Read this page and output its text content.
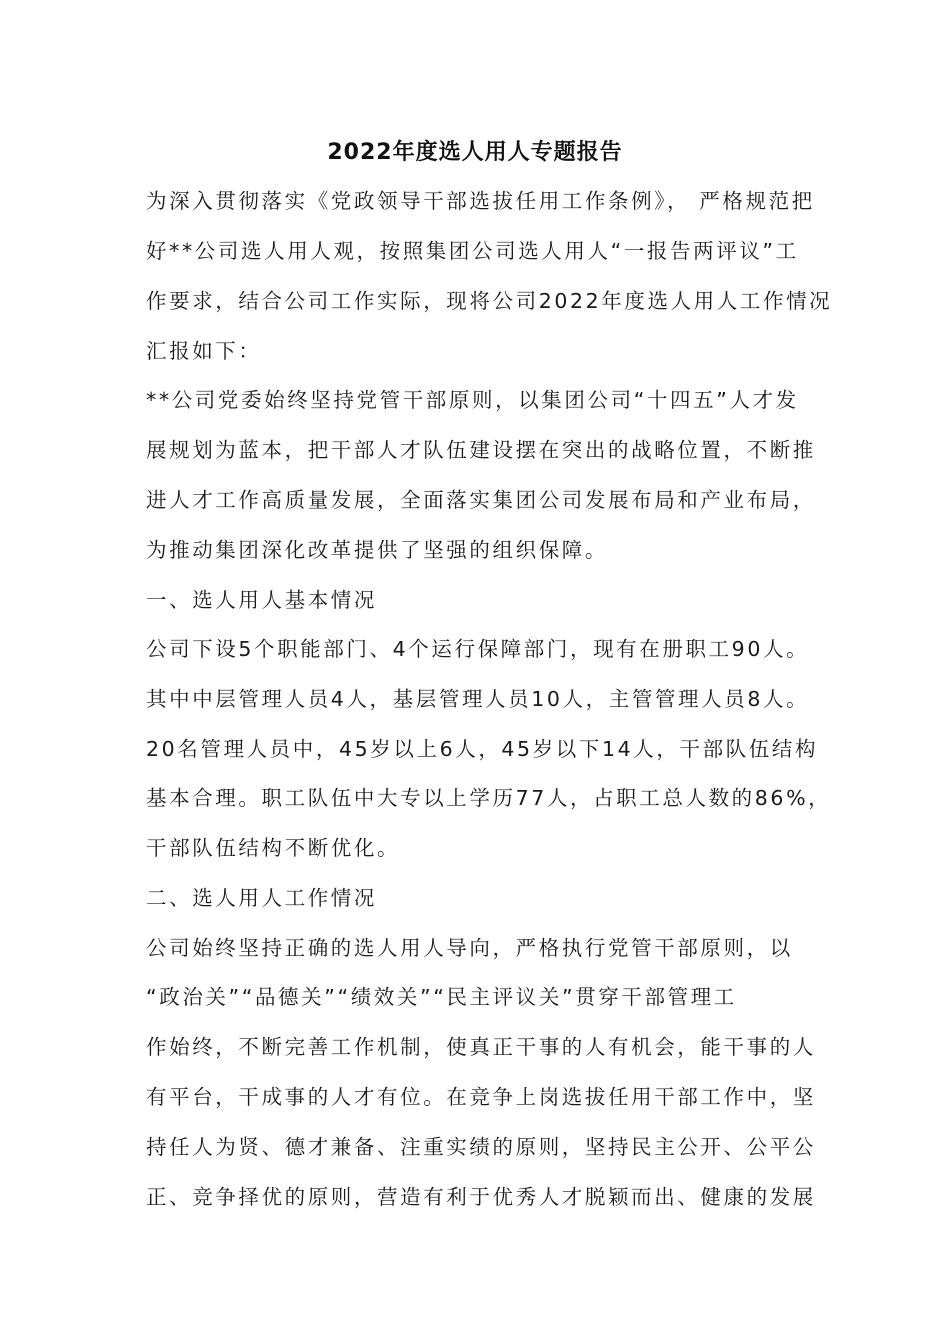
2022年度选人用人专题报告
为深入贯彻落实《党政领导干部选拔任用工作条例》， 严格规范把
好**公司选人用人观，按照集团公司选人用人“一报告两评议”工
作要求，结合公司工作实际，现将公司2022年度选人用人工作情况
汇报如下：
**公司党委始终坚持党管干部原则，以集团公司“十四五”人才发
展规划为蓝本，把干部人才队伍建设摆在突出的战略位置，不断推
进人才工作高质量发展，全面落实集团公司发展布局和产业布局，
为推动集团深化改革提供了坚强的组织保障。
一、选人用人基本情况
公司下设5个职能部门、4个运行保障部门，现有在册职工90人。
其中中层管理人员4人，基层管理人员10人，主管管理人员8人。
20名管理人员中，45岁以上6人，45岁以下14人，干部队伍结构
基本合理。职工队伍中大专以上学历77人，占职工总人数的86%，
干部队伍结构不断优化。
二、选人用人工作情况
公司始终坚持正确的选人用人导向，严格执行党管干部原则，以
“政治关”“品德关”“绩效关”“民主评议关”贯穿干部管理工
作始终，不断完善工作机制，使真正干事的人有机会，能干事的人
有平台，干成事的人才有位。在竞争上岗选拔任用干部工作中，坚
持任人为贤、德才兼备、注重实绩的原则，坚持民主公开、公平公
正、竞争择优的原则，营造有利于优秀人才脱颖而出、健康的发展
